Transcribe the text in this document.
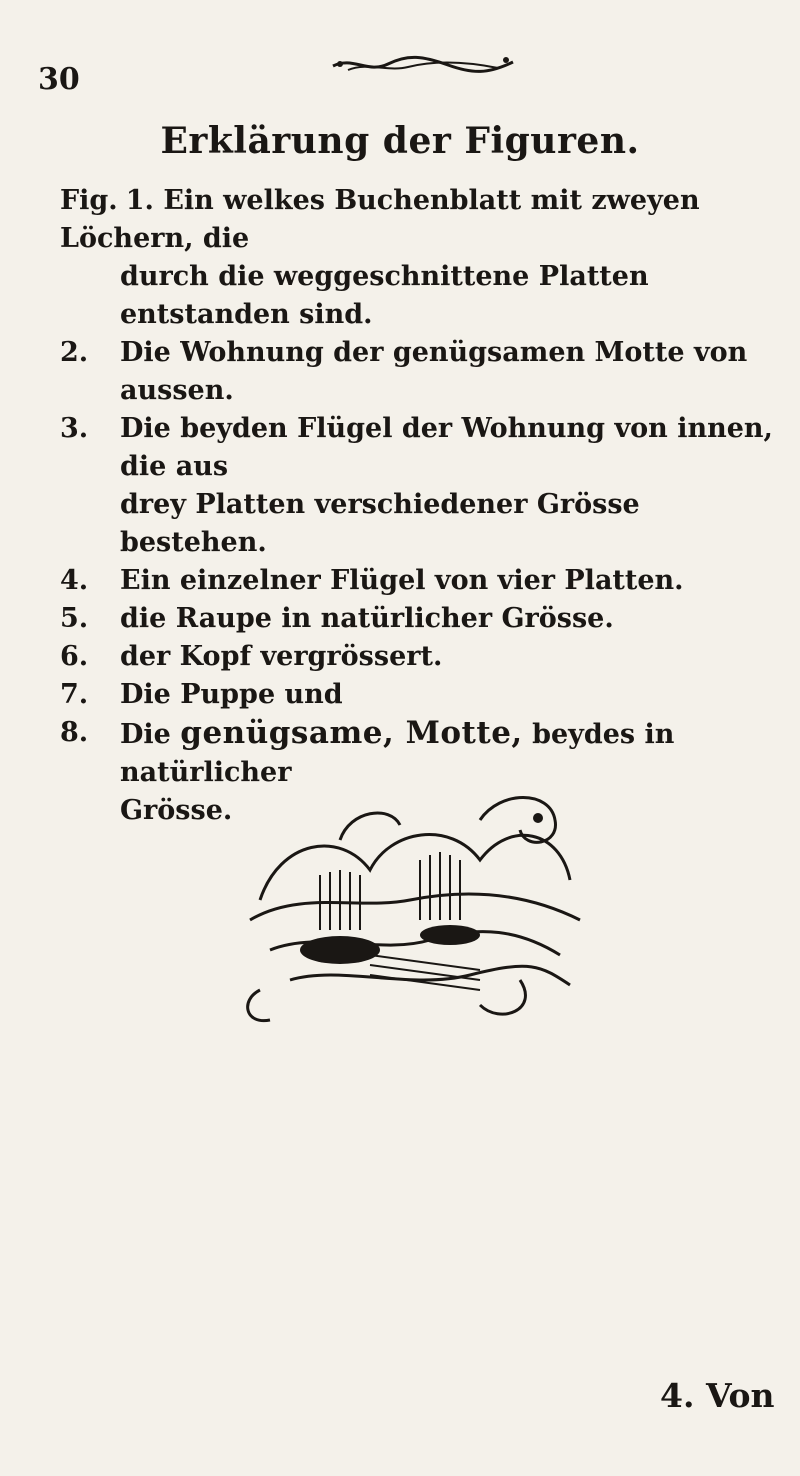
30
Erklärung der Figuren.
Fig. 1. Ein welkes Buchenblatt mit zweyen Löchern, die
durch die weggeschnittene Platten entstanden sind.
2. Die Wohnung der genügsamen Motte von aussen.
3. Die beyden Flügel der Wohnung von innen, die aus
drey Platten verschiedener Grösse bestehen.
4. Ein einzelner Flügel von vier Platten.
5. die Raupe in natürlicher Grösse.
6. der Kopf vergrössert.
7. Die Puppe und
8. Die genügsame, Motte, beydes in natürlicher
Grösse.
4. Von
